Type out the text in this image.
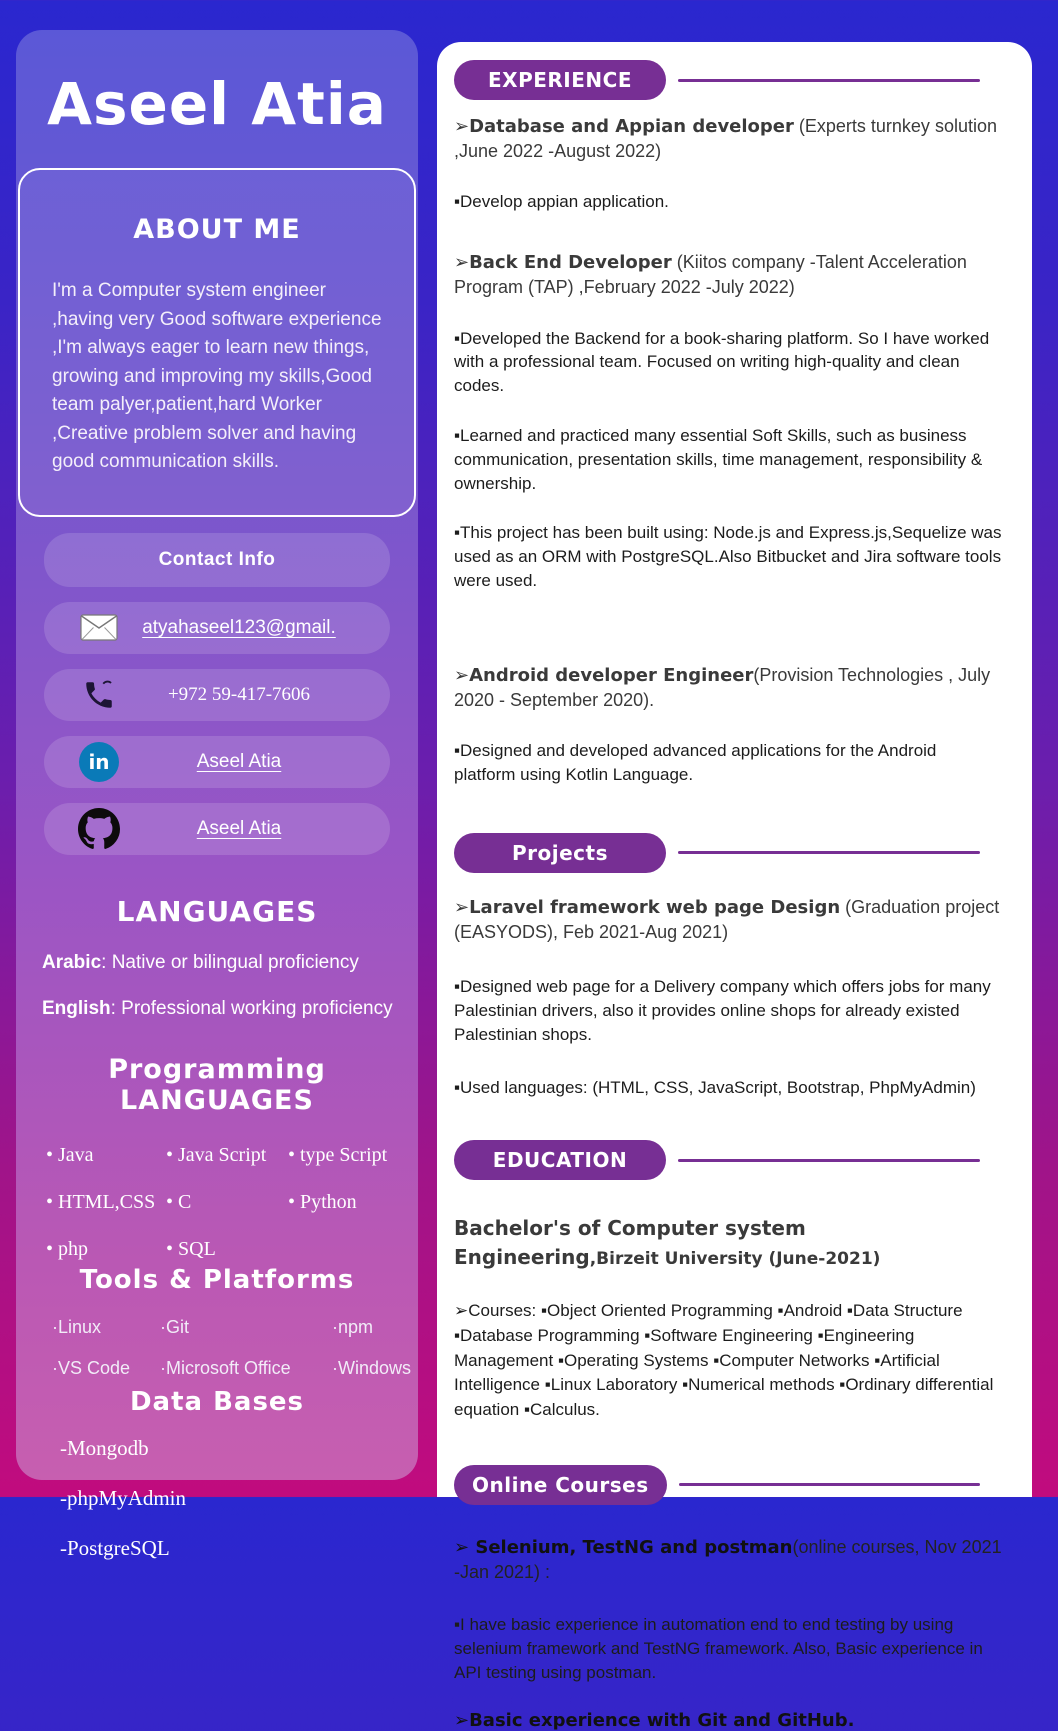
Aseel Atia
ABOUT ME
I'm a Computer system engineer ,having very Good software experience ,I'm always eager to learn new things, growing and improving my skills,Good team palyer,patient,hard Worker ,Creative problem solver and having good communication skills.
Contact Info
atyahaseel123@gmail.
+972 59-417-7606
in	Aseel Atia
Aseel Atia
LANGUAGES
Arabic: Native or bilingual proficiency
English: Professional working proficiency
Programming LANGUAGES
• Java	• Java Script	• type Script
• HTML,CSS • C	• Python
• php	• SQL
Tools & Platforms
·Linux	·Git	·npm
·VS Code	·Microsoft Office	·Windows
Data Bases
-Mongodb
-phpMyAdmin
-PostgreSQL
EXPERIENCE
➢Database and Appian developer (Experts turnkey solution ,June 2022 -August 2022)
▪Develop appian application.
➢Back End Developer (Kiitos company -Talent Acceleration Program (TAP) ,February 2022 -July 2022)
▪Developed the Backend for a book-sharing platform. So I have worked with a professional team. Focused on writing high-quality and clean codes.
▪Learned and practiced many essential Soft Skills, such as business communication, presentation skills, time management, responsibility & ownership.
▪This project has been built using: Node.js and Express.js,Sequelize was used as an ORM with PostgreSQL.Also Bitbucket and Jira software tools were used.
➢Android developer Engineer(Provision Technologies , July 2020 - September 2020).
▪Designed and developed advanced applications for the Android platform using Kotlin Language.
Projects
➢Laravel framework web page Design (Graduation project (EASYODS), Feb 2021-Aug 2021)
▪Designed web page for a Delivery company which offers jobs for many Palestinian drivers, also it provides online shops for already existed Palestinian shops.
▪Used languages: (HTML, CSS, JavaScript, Bootstrap, PhpMyAdmin)
EDUCATION
Bachelor's of Computer system Engineering,Birzeit University (June-2021)
➢Courses: ▪Object Oriented Programming ▪Android ▪Data Structure ▪Database Programming ▪Software Engineering ▪Engineering Management ▪Operating Systems ▪Computer Networks ▪Artificial Intelligence ▪Linux Laboratory ▪Numerical methods ▪Ordinary differential equation ▪Calculus.
Online Courses
➢ Selenium, TestNG and postman(online courses, Nov 2021 -Jan 2021) :
▪I have basic experience in automation end to end testing by using selenium framework and TestNG framework. Also, Basic experience in API testing using postman.
➢Basic experience with Git and GitHub.
